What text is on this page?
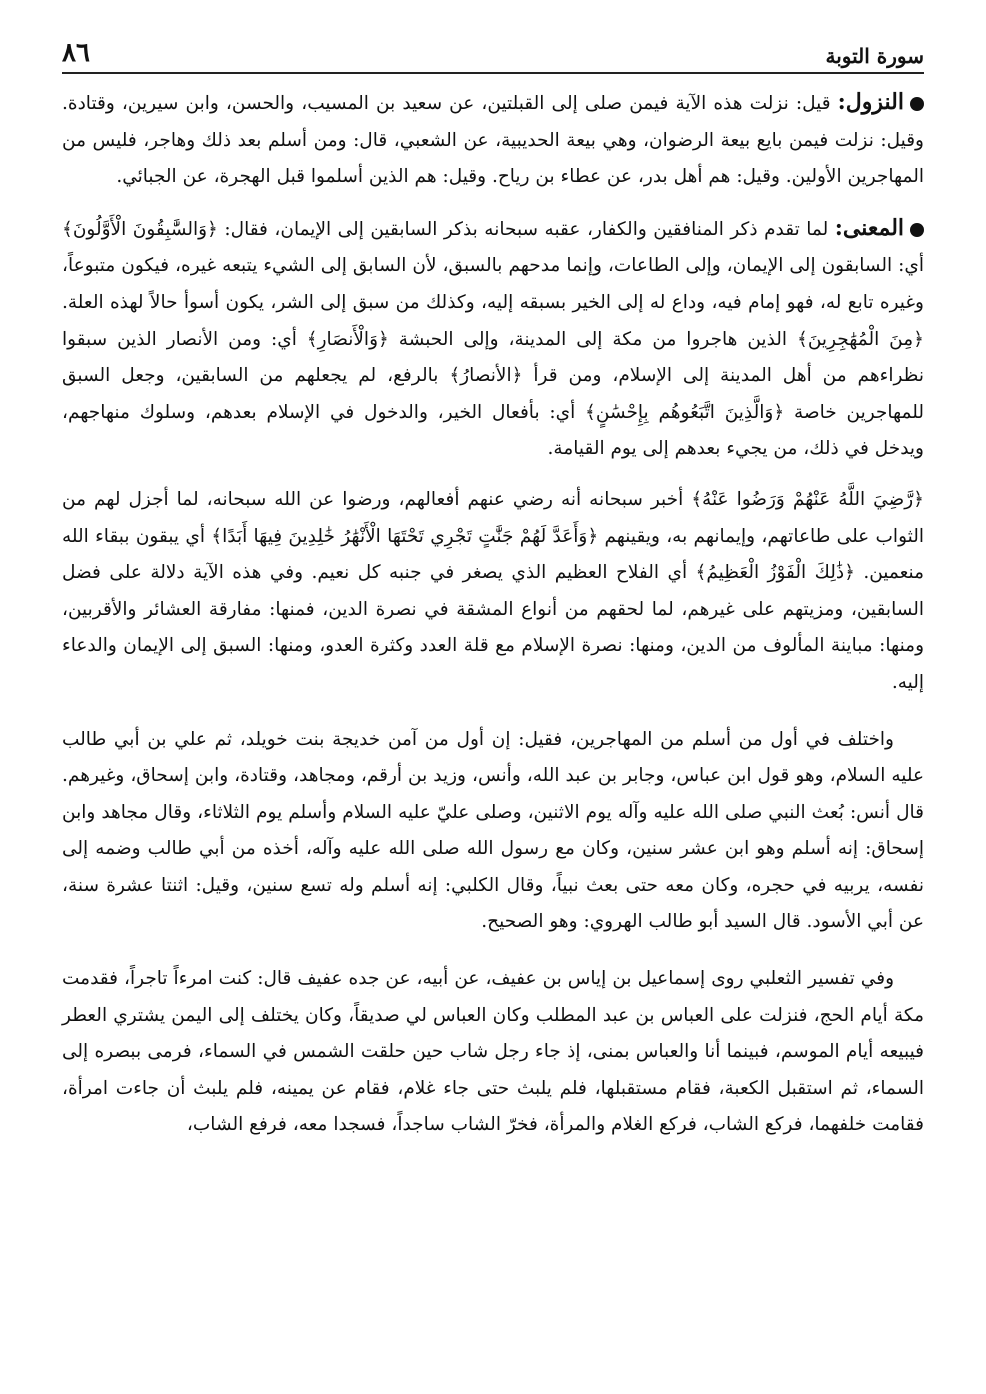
سورة التوبة
٨٦

النزول: قيل: نزلت هذه الآية فيمن صلى إلى القبلتين، عن سعيد بن المسيب، والحسن، وابن سيرين، وقتادة. وقيل: نزلت فيمن بايع بيعة الرضوان، وهي بيعة الحديبية، عن الشعبي، قال: ومن أسلم بعد ذلك وهاجر، فليس من المهاجرين الأولين. وقيل: هم أهل بدر، عن عطاء بن رياح. وقيل: هم الذين أسلموا قبل الهجرة، عن الجبائي.

المعنى: لما تقدم ذكر المنافقين والكفار، عقبه سبحانه بذكر السابقين إلى الإيمان، فقال: ﴿وَالسَّٰبِقُونَ الْأَوَّلُونَ﴾ أي: السابقون إلى الإيمان، وإلى الطاعات، وإنما مدحهم بالسبق، لأن السابق إلى الشيء يتبعه غيره، فيكون متبوعاً، وغيره تابع له، فهو إمام فيه، وداع له إلى الخير بسبقه إليه، وكذلك من سبق إلى الشر، يكون أسوأ حالاً لهذه العلة. ﴿مِنَ الْمُهَٰجِرِينَ﴾ الذين هاجروا من مكة إلى المدينة، وإلى الحبشة ﴿وَالْأَنصَارِ﴾ أي: ومن الأنصار الذين سبقوا نظراءهم من أهل المدينة إلى الإسلام، ومن قرأ ﴿الأنصارُ﴾ بالرفع، لم يجعلهم من السابقين، وجعل السبق للمهاجرين خاصة ﴿وَالَّذِينَ اتَّبَعُوهُم بِإِحْسَٰنٍ﴾ أي: بأفعال الخير، والدخول في الإسلام بعدهم، وسلوك منهاجهم، ويدخل في ذلك، من يجيء بعدهم إلى يوم القيامة.

﴿رَّضِيَ اللَّهُ عَنْهُمْ وَرَضُوا عَنْهُ﴾ أخبر سبحانه أنه رضي عنهم أفعالهم، ورضوا عن الله سبحانه، لما أجزل لهم من الثواب على طاعاتهم، وإيمانهم به، ويقينهم ﴿وَأَعَدَّ لَهُمْ جَنَّٰتٍ تَجْرِي تَحْتَهَا الْأَنْهَٰرُ خَٰلِدِينَ فِيهَا أَبَدًا﴾ أي يبقون ببقاء الله منعمين. ﴿ذَٰلِكَ الْفَوْزُ الْعَظِيمُ﴾ أي الفلاح العظيم الذي يصغر في جنبه كل نعيم. وفي هذه الآية دلالة على فضل السابقين، ومزيتهم على غيرهم، لما لحقهم من أنواع المشقة في نصرة الدين، فمنها: مفارقة العشائر والأقربين، ومنها: مباينة المألوف من الدين، ومنها: نصرة الإسلام مع قلة العدد وكثرة العدو، ومنها: السبق إلى الإيمان والدعاء إليه.

واختلف في أول من أسلم من المهاجرين، فقيل: إن أول من آمن خديجة بنت خويلد، ثم علي بن أبي طالب عليه السلام، وهو قول ابن عباس، وجابر بن عبد الله، وأنس، وزيد بن أرقم، ومجاهد، وقتادة، وابن إسحاق، وغيرهم. قال أنس: بُعث النبي صلى الله عليه وآله يوم الاثنين، وصلى عليّ عليه السلام وأسلم يوم الثلاثاء، وقال مجاهد وابن إسحاق: إنه أسلم وهو ابن عشر سنين، وكان مع رسول الله صلى الله عليه وآله، أخذه من أبي طالب وضمه إلى نفسه، يربيه في حجره، وكان معه حتى بعث نبياً، وقال الكلبي: إنه أسلم وله تسع سنين، وقيل: اثنتا عشرة سنة، عن أبي الأسود. قال السيد أبو طالب الهروي: وهو الصحيح.

وفي تفسير الثعلبي روى إسماعيل بن إياس بن عفيف، عن أبيه، عن جده عفيف قال: كنت امرءاً تاجراً، فقدمت مكة أيام الحج، فنزلت على العباس بن عبد المطلب وكان العباس لي صديقاً، وكان يختلف إلى اليمن يشتري العطر فيبيعه أيام الموسم، فبينما أنا والعباس بمنى، إذ جاء رجل شاب حين حلقت الشمس في السماء، فرمى ببصره إلى السماء، ثم استقبل الكعبة، فقام مستقبلها، فلم يلبث حتى جاء غلام، فقام عن يمينه، فلم يلبث أن جاءت امرأة، فقامت خلفهما، فركع الشاب، فركع الغلام والمرأة، فخرّ الشاب ساجداً، فسجدا معه، فرفع الشاب،
